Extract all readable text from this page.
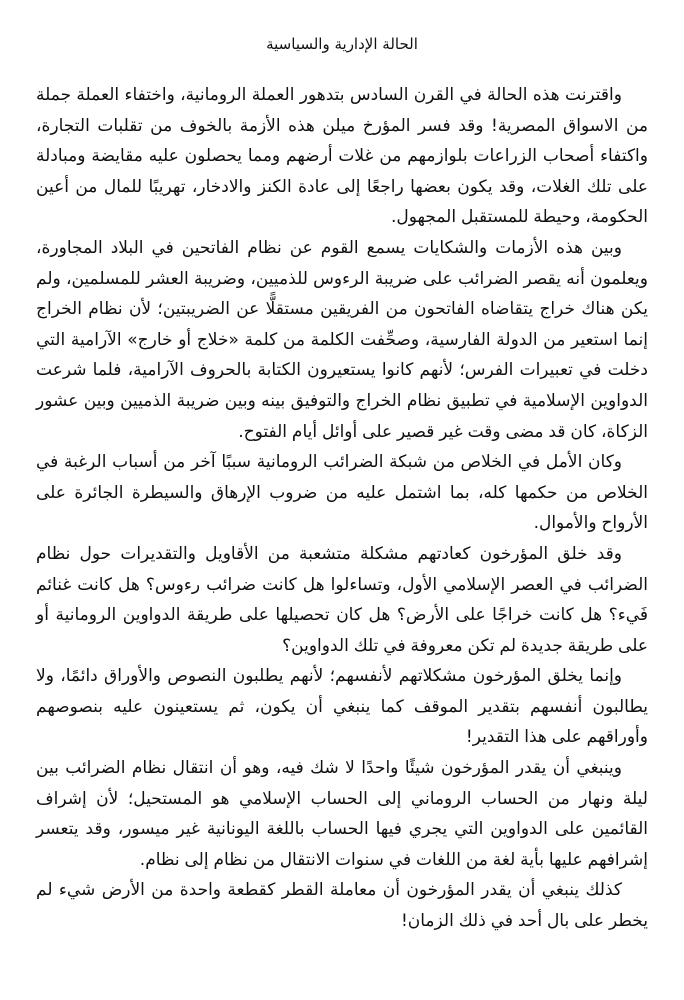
الحالة الإدارية والسياسية

واقترنت هذه الحالة في القرن السادس بتدهور العملة الرومانية، واختفاء العملة جملة من الاسواق المصرية! وقد فسر المؤرخ ميلن هذه الأزمة بالخوف من تقلبات التجارة، واكتفاء أصحاب الزراعات بلوازمهم من غلات أرضهم ومما يحصلون عليه مقايضة ومبادلة على تلك الغلات، وقد يكون بعضها راجعًا إلى عادة الكنز والادخار، تهريبًا للمال من أعين الحكومة، وحيطة للمستقبل المجهول.

وبين هذه الأزمات والشكايات يسمع القوم عن نظام الفاتحين في البلاد المجاورة، ويعلمون أنه يقصر الضرائب على ضريبة الرءوس للذميين، وضريبة العشر للمسلمين، ولم يكن هناك خراج يتقاضاه الفاتحون من الفريقين مستقلًّا عن الضريبتين؛ لأن نظام الخراج إنما استعير من الدولة الفارسية، وصحِّفت الكلمة من كلمة «خلاج أو خارج» الآرامية التي دخلت في تعبيرات الفرس؛ لأنهم كانوا يستعيرون الكتابة بالحروف الآرامية، فلما شرعت الدواوين الإسلامية في تطبيق نظام الخراج والتوفيق بينه وبين ضريبة الذميين وبين عشور الزكاة، كان قد مضى وقت غير قصير على أوائل أيام الفتوح.

وكان الأمل في الخلاص من شبكة الضرائب الرومانية سببًا آخر من أسباب الرغبة في الخلاص من حكمها كله، بما اشتمل عليه من ضروب الإرهاق والسيطرة الجائرة على الأرواح والأموال.

وقد خلق المؤرخون كعادتهم مشكلة متشعبة من الأقاويل والتقديرات حول نظام الضرائب في العصر الإسلامي الأول، وتساءلوا هل كانت ضرائب رءوس؟ هل كانت غنائم فَيء؟ هل كانت خراجًا على الأرض؟ هل كان تحصيلها على طريقة الدواوين الرومانية أو على طريقة جديدة لم تكن معروفة في تلك الدواوين؟

وإنما يخلق المؤرخون مشكلاتهم لأنفسهم؛ لأنهم يطلبون النصوص والأوراق دائمًا، ولا يطالبون أنفسهم بتقدير الموقف كما ينبغي أن يكون، ثم يستعينون عليه بنصوصهم وأوراقهم على هذا التقدير!

وينبغي أن يقدر المؤرخون شيئًا واحدًا لا شك فيه، وهو أن انتقال نظام الضرائب بين ليلة ونهار من الحساب الروماني إلى الحساب الإسلامي هو المستحيل؛ لأن إشراف القائمين على الدواوين التي يجري فيها الحساب باللغة اليونانية غير ميسور، وقد يتعسر إشرافهم عليها بأية لغة من اللغات في سنوات الانتقال من نظام إلى نظام.

كذلك ينبغي أن يقدر المؤرخون أن معاملة القطر كقطعة واحدة من الأرض شيء لم يخطر على بال أحد في ذلك الزمان!
